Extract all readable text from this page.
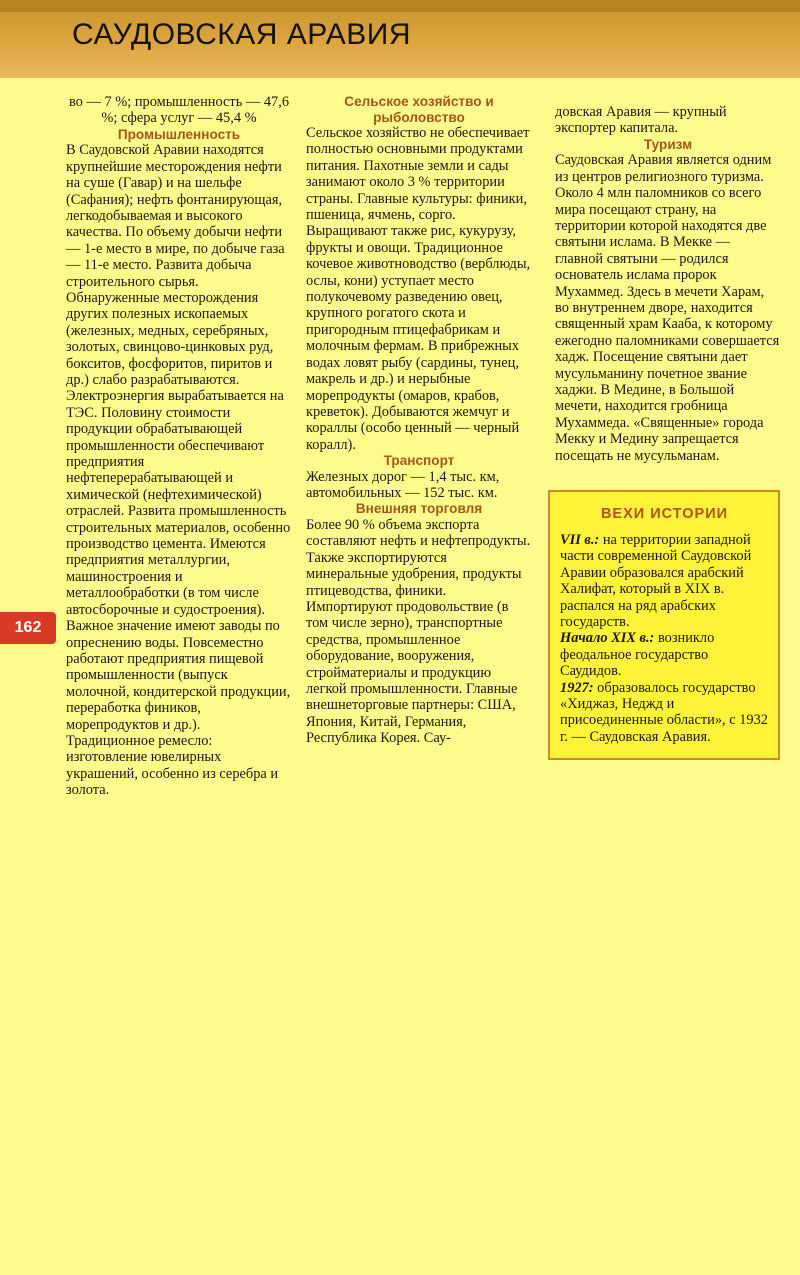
САУДОВСКАЯ АРАВИЯ

во — 7 %; промышленность — 47,6 %; сфера услуг — 45,4 %

Промышленность

В Саудовской Аравии находятся крупнейшие месторождения нефти на суше (Гавар) и на шельфе (Сафания); нефть фонтанирующая, легкодобываемая и высокого качества. По объему добычи нефти — 1-е место в мире, по добыче газа — 11-е место. Развита добыча строительного сырья. Обнаруженные месторождения других полезных ископаемых (железных, медных, серебряных, золотых, свинцово-цинковых руд, бокситов, фосфоритов, пиритов и др.) слабо разрабатываются. Электроэнергия вырабатывается на ТЭС. Половину стоимости продукции обрабатывающей промышленности обеспечивают предприятия нефтеперерабатывающей и химической (нефтехимической) отраслей. Развита промышленность строительных материалов, особенно производство цемента. Имеются предприятия металлургии, машиностроения и металлообработки (в том числе автосборочные и судостроения). Важное значение имеют заводы по опреснению воды. Повсеместно работают предприятия пищевой промышленности (выпуск молочной, кондитерской продукции, переработка фиников, морепродуктов и др.). Традиционное ремесло: изготовление ювелирных украшений, особенно из серебра и золота.

Сельское хозяйство и рыболовство

Сельское хозяйство не обеспечивает полностью основными продуктами питания. Пахотные земли и сады занимают около 3 % территории страны. Главные культуры: финики, пшеница, ячмень, сорго. Выращивают также рис, кукурузу, фрукты и овощи. Традиционное кочевое животноводство (верблюды, ослы, кони) уступает место полукочевому разведению овец, крупного рогатого скота и пригородным птицефабрикам и молочным фермам. В прибрежных водах ловят рыбу (сардины, тунец, макрель и др.) и нерыбные морепродукты (омаров, крабов, креветок). Добываются жемчуг и кораллы (особо ценный — черный коралл).

Транспорт

Железных дорог — 1,4 тыс. км, автомобильных — 152 тыс. км.

Внешняя торговля

Более 90 % объема экспорта составляют нефть и нефтепродукты. Также экспортируются минеральные удобрения, продукты птицеводства, финики. Импортируют продовольствие (в том числе зерно), транспортные средства, промышленное оборудование, вооружения, стройматериалы и продукцию легкой промышленности. Главные внешнеторговые партнеры: США, Япония, Китай, Германия, Республика Корея. Сау-

довская Аравия — крупный экспортер капитала.

Туризм

Саудовская Аравия является одним из центров религиозного туризма. Около 4 млн паломников со всего мира посещают страну, на территории которой находятся две святыни ислама. В Мекке — главной святыни — родился основатель ислама пророк Мухаммед. Здесь в мечети Харам, во внутреннем дворе, находится священный храм Кааба, к которому ежегодно паломниками совершается хадж. Посещение святыни дает мусульманину почетное звание хаджи. В Медине, в Большой мечети, находится гробница Мухаммеда. «Священные» города Мекку и Медину запрещается посещать не мусульманам.

ВЕХИ ИСТОРИИ

VII в.: на территории западной части современной Саудовской Аравии образовался арабский Халифат, который в XIX в. распался на ряд арабских государств.

Начало XIX в.: возникло феодальное государство Саудидов.

1927: образовалось государство «Хиджаз, Неджд и присоединенные области», с 1932 г. — Саудовская Аравия.

162
